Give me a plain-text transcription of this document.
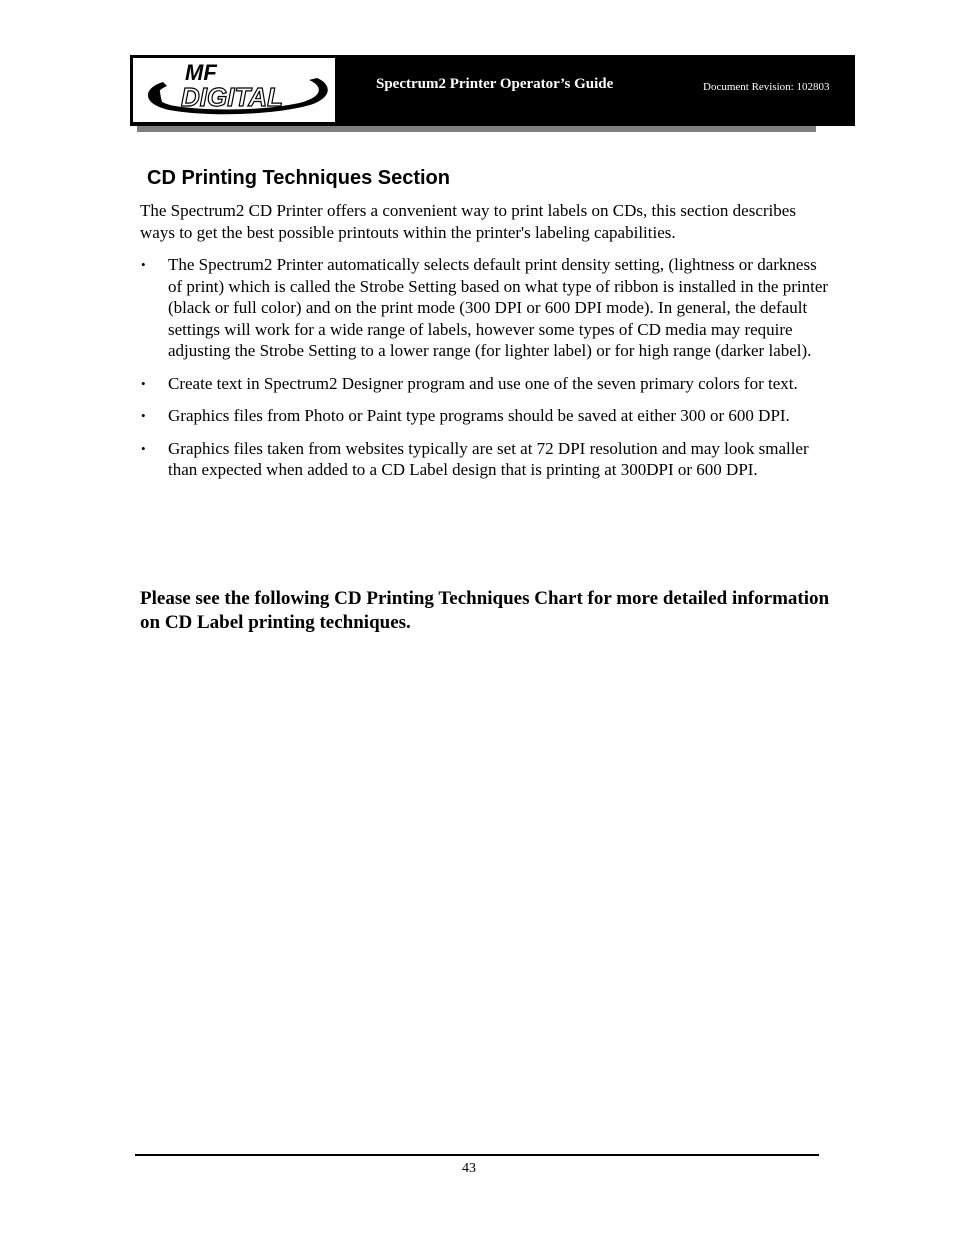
MF
DIGITAL	Spectrum2 Printer Operator’s Guide	Document Revision: 102803
CD Printing Techniques Section

The Spectrum2 CD Printer offers a convenient way to print labels on CDs, this section describes ways to get the best possible printouts within the printer's labeling capabilities.

• The Spectrum2 Printer automatically selects default print density setting, (lightness or darkness of print) which is called the Strobe Setting based on what type of ribbon is installed in the printer (black or full color) and on the print mode (300 DPI or 600 DPI mode). In general, the default settings will work for a wide range of labels, however some types of CD media may require adjusting the Strobe Setting to a lower range (for lighter label) or for high range (darker label).
• Create text in Spectrum2 Designer program and use one of the seven primary colors for text.
• Graphics files from Photo or Paint type programs should be saved at either 300 or 600 DPI.
• Graphics files taken from websites typically are set at 72 DPI resolution and may look smaller than expected when added to a CD Label design that is printing at 300DPI or 600 DPI.

Please see the following CD Printing Techniques Chart for more detailed information on CD Label printing techniques.

43
